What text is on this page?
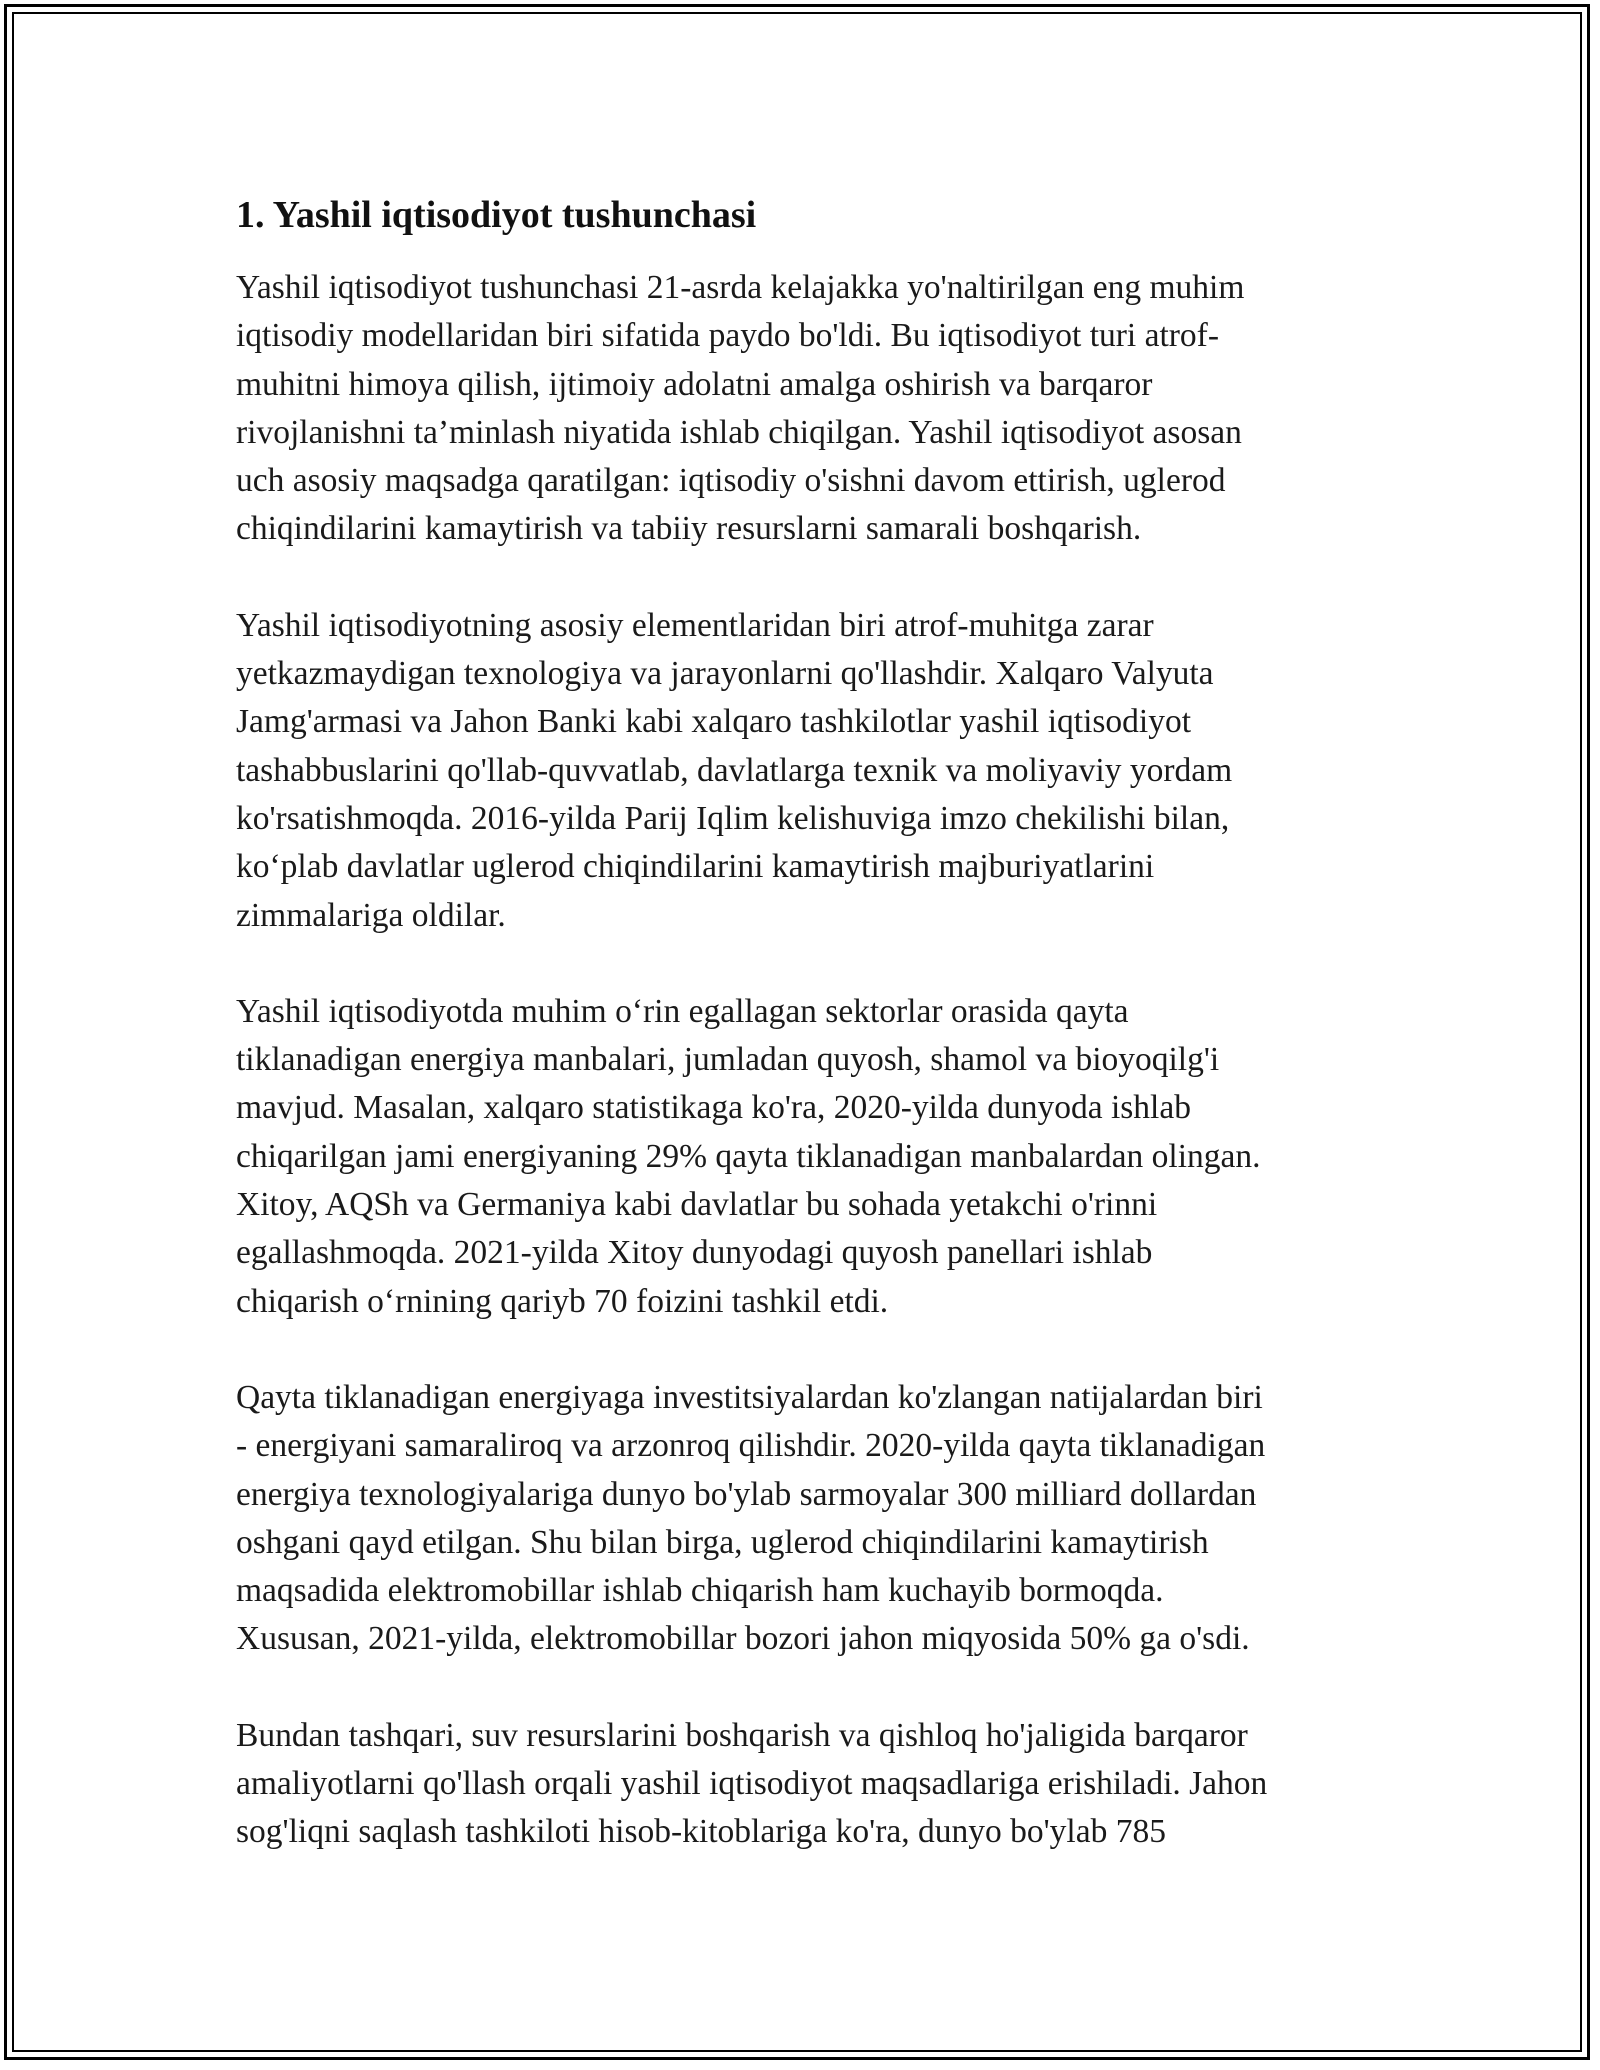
1. Yashil iqtisodiyot tushunchasi

Yashil iqtisodiyot tushunchasi 21-asrda kelajakka yo'naltirilgan eng muhim
iqtisodiy modellaridan biri sifatida paydo bo'ldi. Bu iqtisodiyot turi atrof-
muhitni himoya qilish, ijtimoiy adolatni amalga oshirish va barqaror
rivojlanishni ta’minlash niyatida ishlab chiqilgan. Yashil iqtisodiyot asosan
uch asosiy maqsadga qaratilgan: iqtisodiy o'sishni davom ettirish, uglerod
chiqindilarini kamaytirish va tabiiy resurslarni samarali boshqarish.

Yashil iqtisodiyotning asosiy elementlaridan biri atrof-muhitga zarar
yetkazmaydigan texnologiya va jarayonlarni qo'llashdir. Xalqaro Valyuta
Jamg'armasi va Jahon Banki kabi xalqaro tashkilotlar yashil iqtisodiyot
tashabbuslarini qo'llab-quvvatlab, davlatlarga texnik va moliyaviy yordam
ko'rsatishmoqda. 2016-yilda Parij Iqlim kelishuviga imzo chekilishi bilan,
ko‘plab davlatlar uglerod chiqindilarini kamaytirish majburiyatlarini
zimmalariga oldilar.

Yashil iqtisodiyotda muhim o‘rin egallagan sektorlar orasida qayta
tiklanadigan energiya manbalari, jumladan quyosh, shamol va bioyoqilg'i
mavjud. Masalan, xalqaro statistikaga ko'ra, 2020-yilda dunyoda ishlab
chiqarilgan jami energiyaning 29% qayta tiklanadigan manbalardan olingan.
Xitoy, AQSh va Germaniya kabi davlatlar bu sohada yetakchi o'rinni
egallashmoqda. 2021-yilda Xitoy dunyodagi quyosh panellari ishlab
chiqarish o‘rnining qariyb 70 foizini tashkil etdi.

Qayta tiklanadigan energiyaga investitsiyalardan ko'zlangan natijalardan biri
- energiyani samaraliroq va arzonroq qilishdir. 2020-yilda qayta tiklanadigan
energiya texnologiyalariga dunyo bo'ylab sarmoyalar 300 milliard dollardan
oshgani qayd etilgan. Shu bilan birga, uglerod chiqindilarini kamaytirish
maqsadida elektromobillar ishlab chiqarish ham kuchayib bormoqda.
Xususan, 2021-yilda, elektromobillar bozori jahon miqyosida 50% ga o'sdi.

Bundan tashqari, suv resurslarini boshqarish va qishloq ho'jaligida barqaror
amaliyotlarni qo'llash orqali yashil iqtisodiyot maqsadlariga erishiladi. Jahon
sog'liqni saqlash tashkiloti hisob-kitoblariga ko'ra, dunyo bo'ylab 785
